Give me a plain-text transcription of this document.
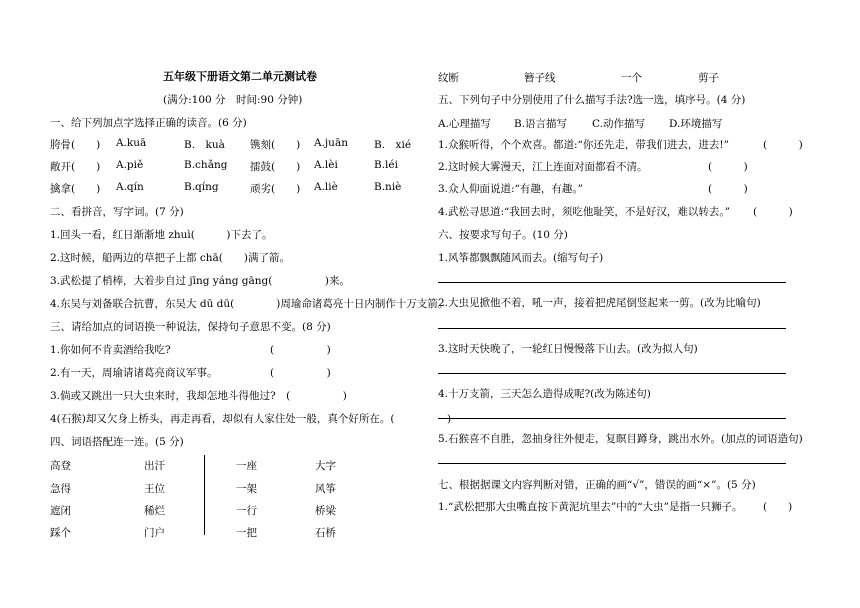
五年级下册语文第二单元测试卷
(满分:100 分　时间:90 分钟)
一、给下列加点字选择正确的读音。(6 分)
胯骨(　　) A.kuā	B.　kuà 镌刻(　　) A.juān B.　xié
敞开(　　) A.piě	B.chǎng 擂鼓(　　) A.lèi	B.léi
擒拿(　　) A.qín	B.qíng	顽劣(　　) A.liè	B.niè
二、看拼音，写字词。(7 分)
1.回头一看，红日渐渐地 zhuì(　　　)下去了。
2.这时候，船两边的草把子上都 chā(　　)满了箭。
3.武松提了梢棒，大着步自过 jīng yáng gāng(　　　　　)来。
4.东吴与刘备联合抗曹，东吴大 dū dū(　　　　)周瑜命诸葛亮十日内制作十万支箭。
三、请给加点的词语换一种说法，保持句子意思不变。(8 分)
1.你如何不肯卖酒给我吃?	(　　　　　)
2.有一天，周瑜请诸葛亮商议军事。	(　　　　　)
3.倘或又跳出一只大虫来时，我却怎地斗得他过?　(　　　　　)
4(石猴)却又欠身上桥头，再走再看，却似有人家住处一般，真个好所在。(　　　　　)
四、词语搭配连一连。(5 分)
高登	出汗	一座	大字
急得	王位	一架	风筝
遮闭	稀烂	一行	桥梁
踩个	门户	一把	石桥
纹断	簪子线	一个	剪子
五、下列句子中分别使用了什么描写手法?选一选，填序号。(4 分)
A.心理描写 B.语言描写 C.动作描写 D.环境描写
1.众猴听得，个个欢喜。都道:“你还先走，带我们进去，进去!”	(　　　)
2.这时候大雾漫天，江上连面对面都看不清。	(　　　)
3.众人仰面说道:“有趣，有趣。”	(　　　)
4.武松寻思道:“我回去时，须吃他耻笑，不是好汉，难以转去。” (　　　)
六、按要求写句子。(10 分)
1.风筝都飘飘随风而去。(缩写句子)
2.大虫见掀他不着，吼一声，接着把虎尾倒竖起来一剪。(改为比喻句)
3.这时天快晚了，一轮红日慢慢落下山去。(改为拟人句)
4.十万支箭，三天怎么造得成呢?(改为陈述句)
5.石猴喜不自胜，忽抽身往外便走，复瞑目蹲身，跳出水外。(加点的词语造句)
七、根据据课文内容判断对错，正确的画“√”，错误的画“×”。(5 分)
1.“武松把那大虫嘴直按下黄泥坑里去”中的“大虫”是指一只狮子。 (　　)
